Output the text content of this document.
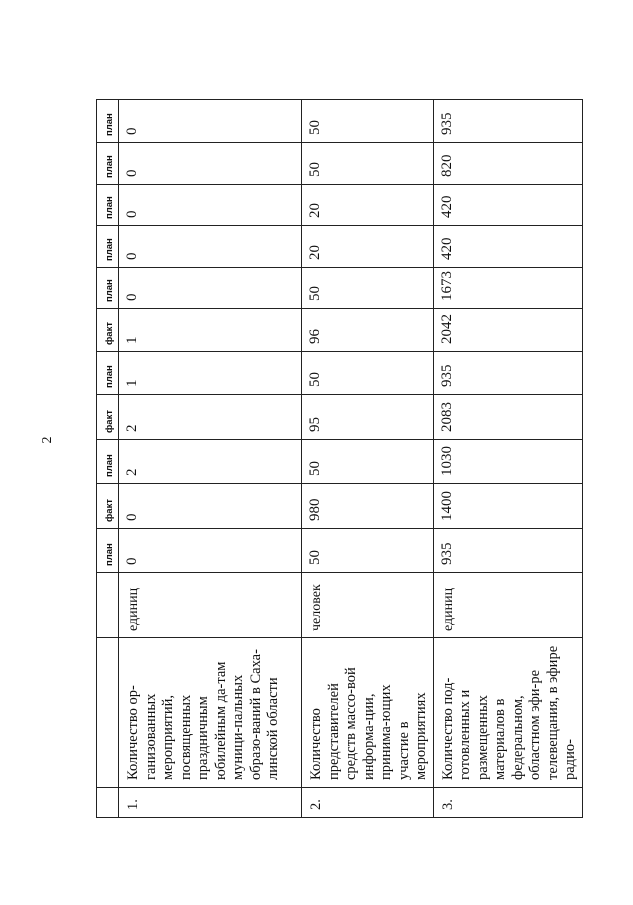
2
			план	факт	план	факт	план	факт	план	план	план	план	план
1.	Количество ор-ганизованных мероприятий, посвященных праздничным юбилейным да-там муници-пальных образо-ваний в Саха-линской области	единиц	0	0	2	2	1	1	0	0	0	0	0
2.	Количество представителей средств массо-вой информа-ции, принима-ющих участие в мероприятиях	человек	50	980	50	95	50	96	50	20	20	50	50
3.	Количество под-готовленных и размещенных материалов в федеральном, областном эфи-ре телевещания, в эфире радио-	единиц	935	1400	1030	2083	935	2042	1673	420	420	820	935
